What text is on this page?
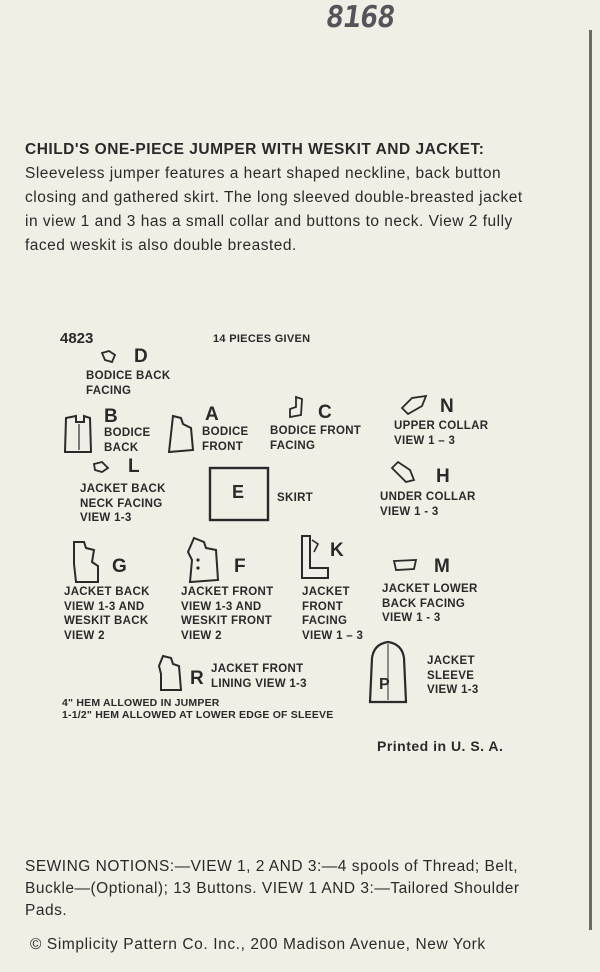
8168
CHILD'S ONE-PIECE JUMPER WITH WESKIT AND JACKET: Sleeveless jumper features a heart shaped neckline, back button closing and gathered skirt. The long sleeved double-breasted jacket in view 1 and 3 has a small collar and buttons to neck. View 2 fully faced weskit is also double breasted.
4823	14 PIECES GIVEN
D
BODICE BACK
FACING
B
BODICE
BACK
A
BODICE
FRONT
C
BODICE FRONT
FACING
N
UPPER COLLAR
VIEW 1 – 3
L
JACKET BACK
NECK FACING
VIEW 1-3
E	SKIRT
H
UNDER COLLAR
VIEW 1 - 3
G
JACKET BACK
VIEW 1-3 AND
WESKIT BACK
VIEW 2
F
JACKET FRONT
VIEW 1-3 AND
WESKIT FRONT
VIEW 2
K
JACKET
FRONT
FACING
VIEW 1 – 3
M
JACKET LOWER
BACK FACING
VIEW 1 - 3
R JACKET FRONT
LINING VIEW 1-3	P
JACKET
SLEEVE
VIEW 1-3
4" HEM ALLOWED IN JUMPER
1-1/2" HEM ALLOWED AT LOWER EDGE OF SLEEVE
Printed in U. S. A.
SEWING NOTIONS:—VIEW 1, 2 AND 3:—4 spools of Thread; Belt, Buckle—(Optional); 13 Buttons. VIEW 1 AND 3:—Tailored Shoulder Pads.
© Simplicity Pattern Co. Inc., 200 Madison Avenue, New York
